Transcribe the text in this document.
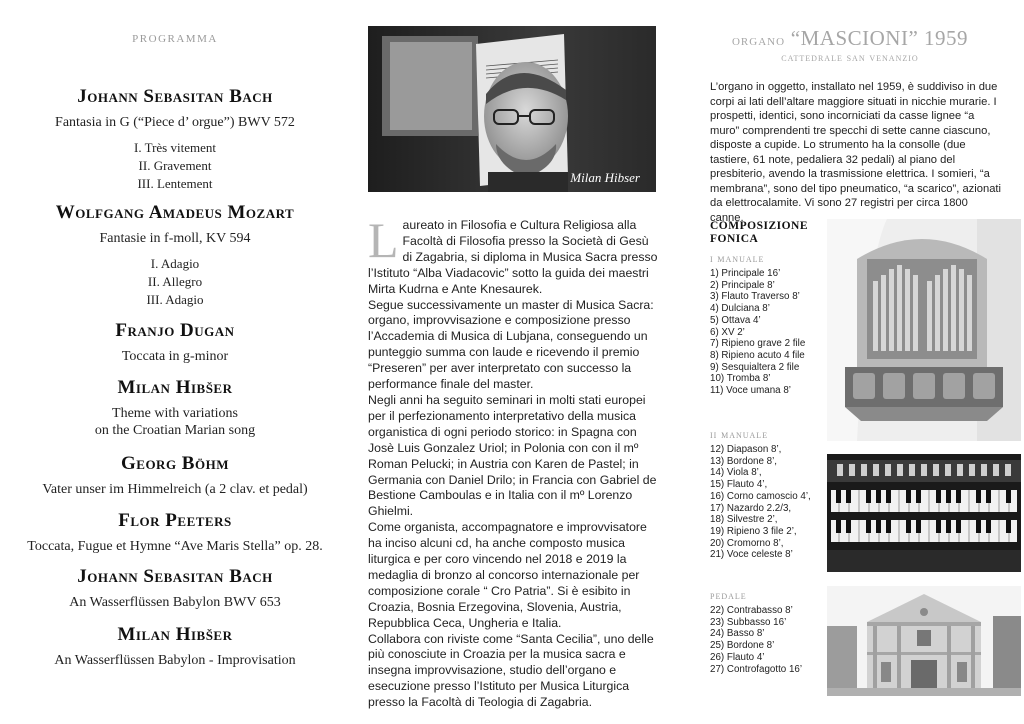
programma
Johann Sebasitan Bach
Fantasia in G (“Piece d’ orgue”) BWV 572
I. Très vitement
II. Gravement
III. Lentement
Wolfgang Amadeus Mozart
Fantasie in f-moll, KV 594
I. Adagio
II. Allegro
III. Adagio
Franjo Dugan
Toccata in g-minor
Milan Hibšer
Theme with variations
on the Croatian Marian song
Georg Böhm
Vater unser im Himmelreich (a 2 clav. et pedal)
Flor Peeters
Toccata, Fugue et Hymne “Ave Maris Stella” op. 28.
Johann Sebasitan Bach
An Wasserflüssen Babylon BWV 653
Milan Hibšer
An Wasserflüssen Babylon - Improvisation
Milan Hibser
L aureato in Filosofia e Cultura Religiosa alla Facoltà di Filosofia presso la Società di Gesù di Zagabria, si diploma in Musica Sacra presso l’Istituto “Alba Viadacovic” sotto la guida dei maestri Mirta Kudrna e Ante Knesaurek.

Segue successivamente un master di Musica Sacra: organo, improvvisazione e composizione presso l’Accademia di Musica di Lubjana, conseguendo un punteggio summa con laude e ricevendo il premio “Preseren” per aver interpretato con successo la performance finale del master.

Negli anni ha seguito seminari in molti stati europei per il perfezionamento interpretativo della musica organistica di ogni periodo storico: in Spagna con Josè Luis Gonzalez Uriol; in Polonia con con il mº Roman Pelucki; in Austria con Karen de Pastel; in Germania con Daniel Drilo; in Francia con Gabriel de Bestione Camboulas e in Italia con il mº Lorenzo Ghielmi.

Come organista, accompagnatore e improvvisatore ha inciso alcuni cd, ha anche composto musica liturgica e per coro vincendo nel 2018 e 2019 la medaglia di bronzo al concorso internazionale per composizione corale “ Cro Patria”. Si è esibito in Croazia, Bosnia Erzegovina, Slovenia, Austria, Repubblica Ceca, Ungheria e Italia.

Collabora con riviste come “Santa Cecilia”, uno delle più conosciute in Croazia per la musica sacra e insegna improvvisazione, studio dell’organo e esecuzione presso l’Istituto per Musica Liturgica presso la Facoltà di Teologia di Zagabria.

organo “MASCIONI” 1959
cattedrale san venanzio
L’organo in oggetto, installato nel 1959, è suddiviso in due corpi ai lati dell’altare maggiore situati in nicchie murarie. I prospetti, identici, sono incorniciati da casse lignee “a muro” comprendenti tre specchi di sette canne ciascuno, disposte a cupide. Lo strumento ha la consolle (due tastiere, 61 note, pedaliera 32 pedali) al piano del presbiterio, avendo la trasmissione elettrica. I somieri, “a membrana”, sono del tipo pneumatico, “a scarico”, azionati da elettrocalamite. Vi sono 27 registri per circa 1800 canne.
COMPOSIZIONE FONICA
i manuale
1) Principale 16’
2) Principale 8’
3) Flauto Traverso 8’
4) Dulciana 8’
5) Ottava 4’
6) XV 2’
7) Ripieno grave 2 file
8) Ripieno acuto 4 file
9) Sesquialtera 2 file
10) Tromba 8’
11) Voce umana 8’
ii manuale
12) Diapason 8’,
13) Bordone 8’,
14) Viola 8’,
15) Flauto 4’,
16) Corno camoscio 4’,
17) Nazardo 2.2/3,
18) Silvestre 2’,
19) Ripieno 3 file 2’,
20) Cromorno 8’,
21) Voce celeste 8’
pedale
22) Contrabasso 8’
23) Subbasso 16’
24) Basso 8’
25) Bordone 8’
26) Flauto 4’
27) Controfagotto 16’
